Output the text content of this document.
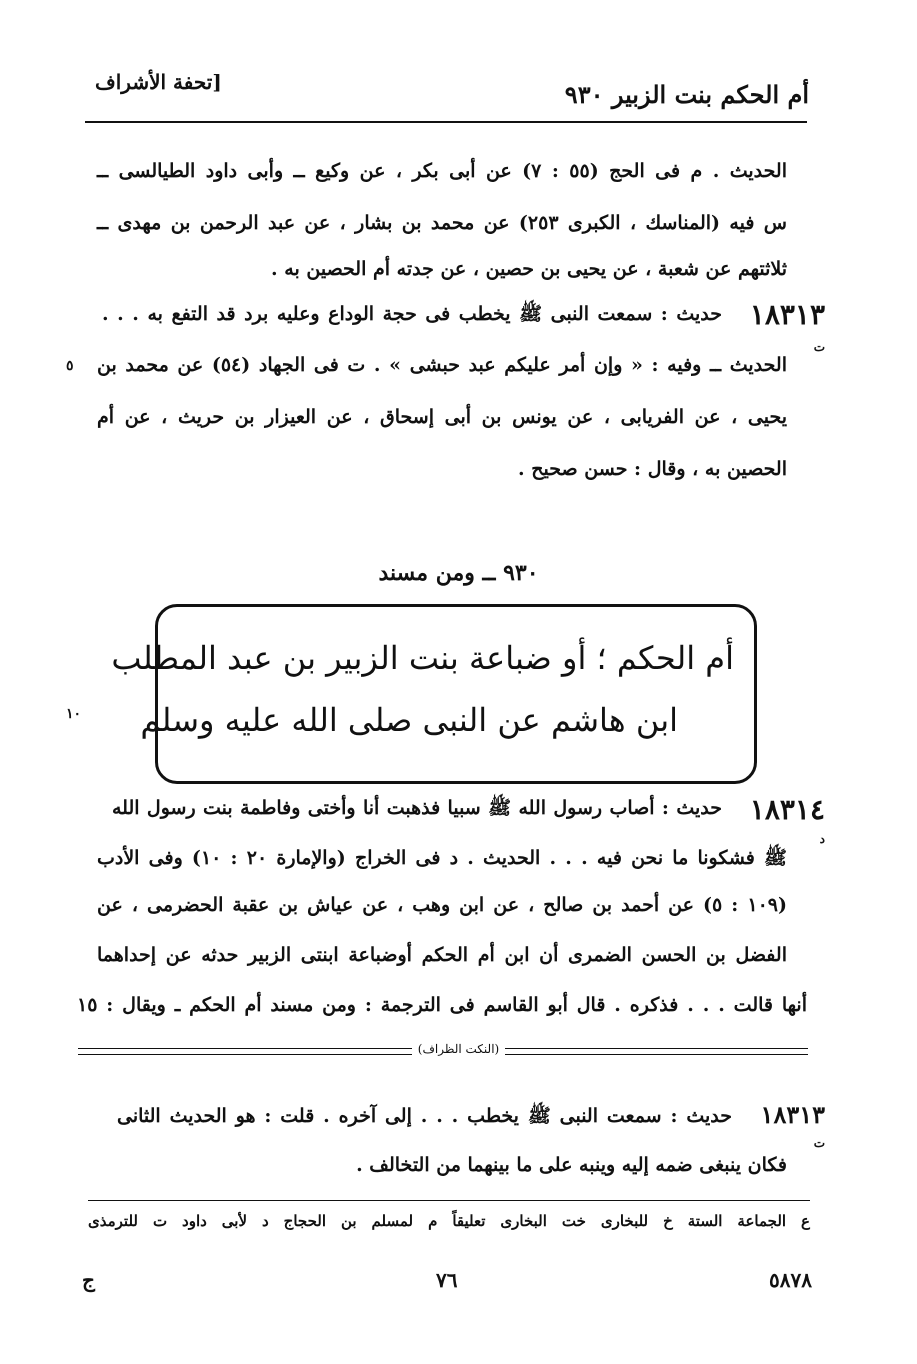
[تحفة الأشراف	أم الحكم بنت الزبير ٩٣٠
الحديث . م فى الحج (٥٥ : ٧) عن أبى بكر ، عن وكيع ــ وأبى داود الطيالسى ــ
س فيه (المناسك ، الكبرى ٢٥٣) عن محمد بن بشار ، عن عبد الرحمن بن مهدى ــ
ثلاثتهم عن شعبة ، عن يحيى بن حصين ، عن جدته أم الحصين به .
١٨٣١٣
ت
حديث : سمعت النبى ﷺ يخطب فى حجة الوداع وعليه برد قد التفع به . . .
الحديث ــ وفيه : « وإن أمر عليكم عبد حبشى » . ت فى الجهاد (٥٤) عن محمد بن
٥
يحيى ، عن الفريابى ، عن يونس بن أبى إسحاق ، عن العيزار بن حريث ، عن أم
الحصين به ، وقال : حسن صحيح .
٩٣٠ ــ ومن مسند
أم الحكم ؛ أو ضباعة بنت الزبير بن عبد المطلب
ابن هاشم عن النبى صلى الله عليه وسلم
١٠
١٨٣١٤
د
حديث : أصاب رسول الله ﷺ سبيا فذهبت أنا وأختى وفاطمة بنت رسول الله
ﷺ فشكونا ما نحن فيه . . . الحديث . د فى الخراج (والإمارة ٢٠ : ١٠) وفى الأدب
(١٠٩ : ٥) عن أحمد بن صالح ، عن ابن وهب ، عن عياش بن عقبة الحضرمى ، عن
الفضل بن الحسن الضمرى أن ابن أم الحكم أوضباعة ابنتى الزبير حدثه عن إحداهما
أنها قالت . . . فذكره . قال أبو القاسم فى الترجمة : ومن مسند أم الحكم ـ ويقال : ١٥
(النكت الظراف)
١٨٣١٣
ت
حديث : سمعت النبى ﷺ يخطب . . . إلى آخره . قلت : هو الحديث الثانى
فكان ينبغى ضمه إليه وينبه على ما بينهما من التخالف .
ع الجماعة الستة خ للبخارى خت البخارى تعليقاً م لمسلم بن الحجاج د لأبى داود ت للترمذى
٥٨٧٨
٧٦
ج
